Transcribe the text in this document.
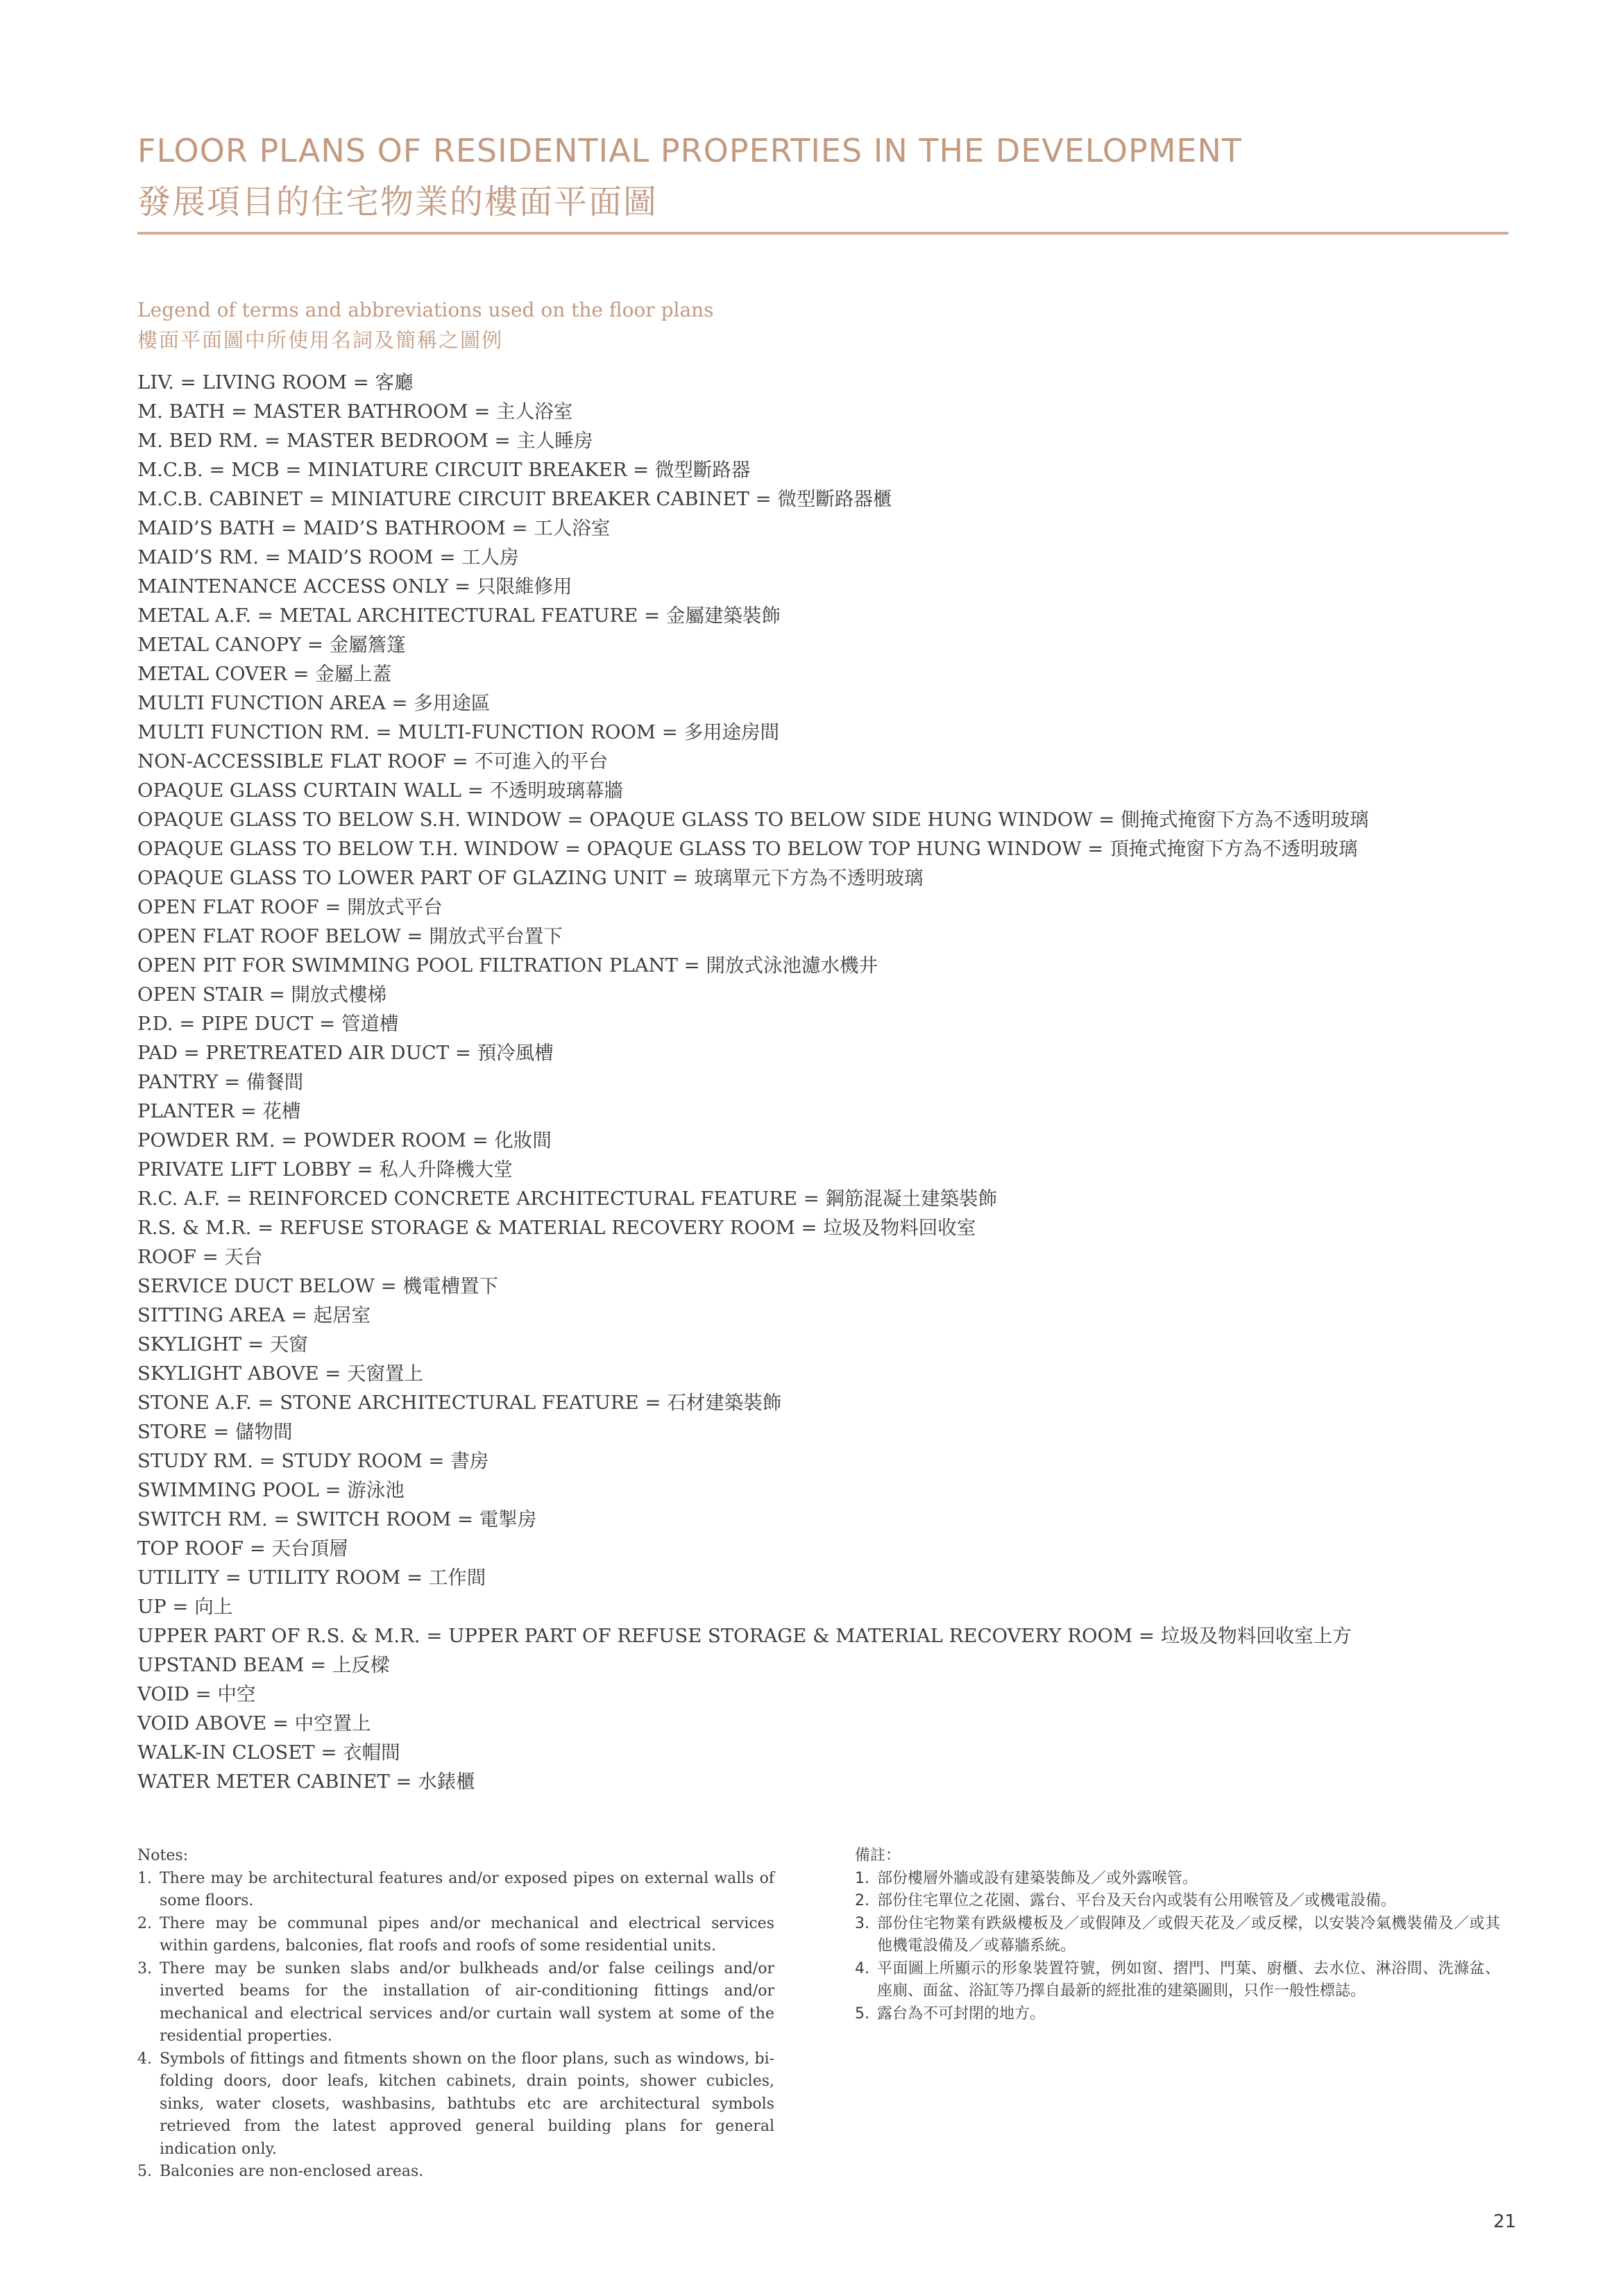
FLOOR PLANS OF RESIDENTIAL PROPERTIES IN THE DEVELOPMENT
發展項目的住宅物業的樓面平面圖
Legend of terms and abbreviations used on the floor plans
樓面平面圖中所使用名詞及簡稱之圖例
LIV. = LIVING ROOM = 客廳
M. BATH = MASTER BATHROOM = 主人浴室
M. BED RM. = MASTER BEDROOM = 主人睡房
M.C.B. = MCB = MINIATURE CIRCUIT BREAKER = 微型斷路器
M.C.B. CABINET = MINIATURE CIRCUIT BREAKER CABINET = 微型斷路器櫃
MAID’S BATH = MAID’S BATHROOM = 工人浴室
MAID’S RM. = MAID’S ROOM = 工人房
MAINTENANCE ACCESS ONLY = 只限維修用
METAL A.F. = METAL ARCHITECTURAL FEATURE = 金屬建築裝飾
METAL CANOPY = 金屬簷篷
METAL COVER = 金屬上蓋
MULTI FUNCTION AREA = 多用途區
MULTI FUNCTION RM. = MULTI-FUNCTION ROOM = 多用途房間
NON-ACCESSIBLE FLAT ROOF = 不可進入的平台
OPAQUE GLASS CURTAIN WALL = 不透明玻璃幕牆
OPAQUE GLASS TO BELOW S.H. WINDOW = OPAQUE GLASS TO BELOW SIDE HUNG WINDOW = 側掩式掩窗下方為不透明玻璃
OPAQUE GLASS TO BELOW T.H. WINDOW = OPAQUE GLASS TO BELOW TOP HUNG WINDOW = 頂掩式掩窗下方為不透明玻璃
OPAQUE GLASS TO LOWER PART OF GLAZING UNIT = 玻璃單元下方為不透明玻璃
OPEN FLAT ROOF = 開放式平台
OPEN FLAT ROOF BELOW = 開放式平台置下
OPEN PIT FOR SWIMMING POOL FILTRATION PLANT = 開放式泳池濾水機井
OPEN STAIR = 開放式樓梯
P.D. = PIPE DUCT = 管道槽
PAD = PRETREATED AIR DUCT = 預冷風槽
PANTRY = 備餐間
PLANTER = 花槽
POWDER RM. = POWDER ROOM = 化妝間
PRIVATE LIFT LOBBY = 私人升降機大堂
R.C. A.F. = REINFORCED CONCRETE ARCHITECTURAL FEATURE = 鋼筋混凝土建築裝飾
R.S. & M.R. = REFUSE STORAGE & MATERIAL RECOVERY ROOM = 垃圾及物料回收室
ROOF = 天台
SERVICE DUCT BELOW = 機電槽置下
SITTING AREA = 起居室
SKYLIGHT = 天窗
SKYLIGHT ABOVE = 天窗置上
STONE A.F. = STONE ARCHITECTURAL FEATURE = 石材建築裝飾
STORE = 儲物間
STUDY RM. = STUDY ROOM = 書房
SWIMMING POOL = 游泳池
SWITCH RM. = SWITCH ROOM = 電掣房
TOP ROOF = 天台頂層
UTILITY = UTILITY ROOM = 工作間
UP = 向上
UPPER PART OF R.S. & M.R. = UPPER PART OF REFUSE STORAGE & MATERIAL RECOVERY ROOM = 垃圾及物料回收室上方
UPSTAND BEAM = 上反樑
VOID = 中空
VOID ABOVE = 中空置上
WALK-IN CLOSET = 衣帽間
WATER METER CABINET = 水錶櫃

Notes:

1. There may be architectural features and/or exposed pipes on external walls of some floors.
2. There may be communal pipes and/or mechanical and electrical services within gardens, balconies, flat roofs and roofs of some residential units.
3. There may be sunken slabs and/or bulkheads and/or false ceilings and/or inverted beams for the installation of air-conditioning fittings and/or mechanical and electrical services and/or curtain wall system at some of the residential properties.
4. Symbols of fittings and fitments shown on the floor plans, such as windows, bi-folding doors, door leafs, kitchen cabinets, drain points, shower cubicles, sinks, water closets, washbasins, bathtubs etc are architectural symbols retrieved from the latest approved general building plans for general indication only.
5. Balconies are non-enclosed areas.

備註：

1. 部份樓層外牆或設有建築裝飾及／或外露喉管。
2. 部份住宅單位之花園、露台、平台及天台內或裝有公用喉管及／或機電設備。
3. 部份住宅物業有跌級樓板及／或假陣及／或假天花及／或反樑，以安裝冷氣機裝備及／或其他機電設備及／或幕牆系統。
4. 平面圖上所顯示的形象裝置符號，例如窗、摺門、門葉、廚櫃、去水位、淋浴間、洗滌盆、座廁、面盆、浴缸等乃擇自最新的經批准的建築圖則，只作一般性標誌。
5. 露台為不可封閉的地方。
21
